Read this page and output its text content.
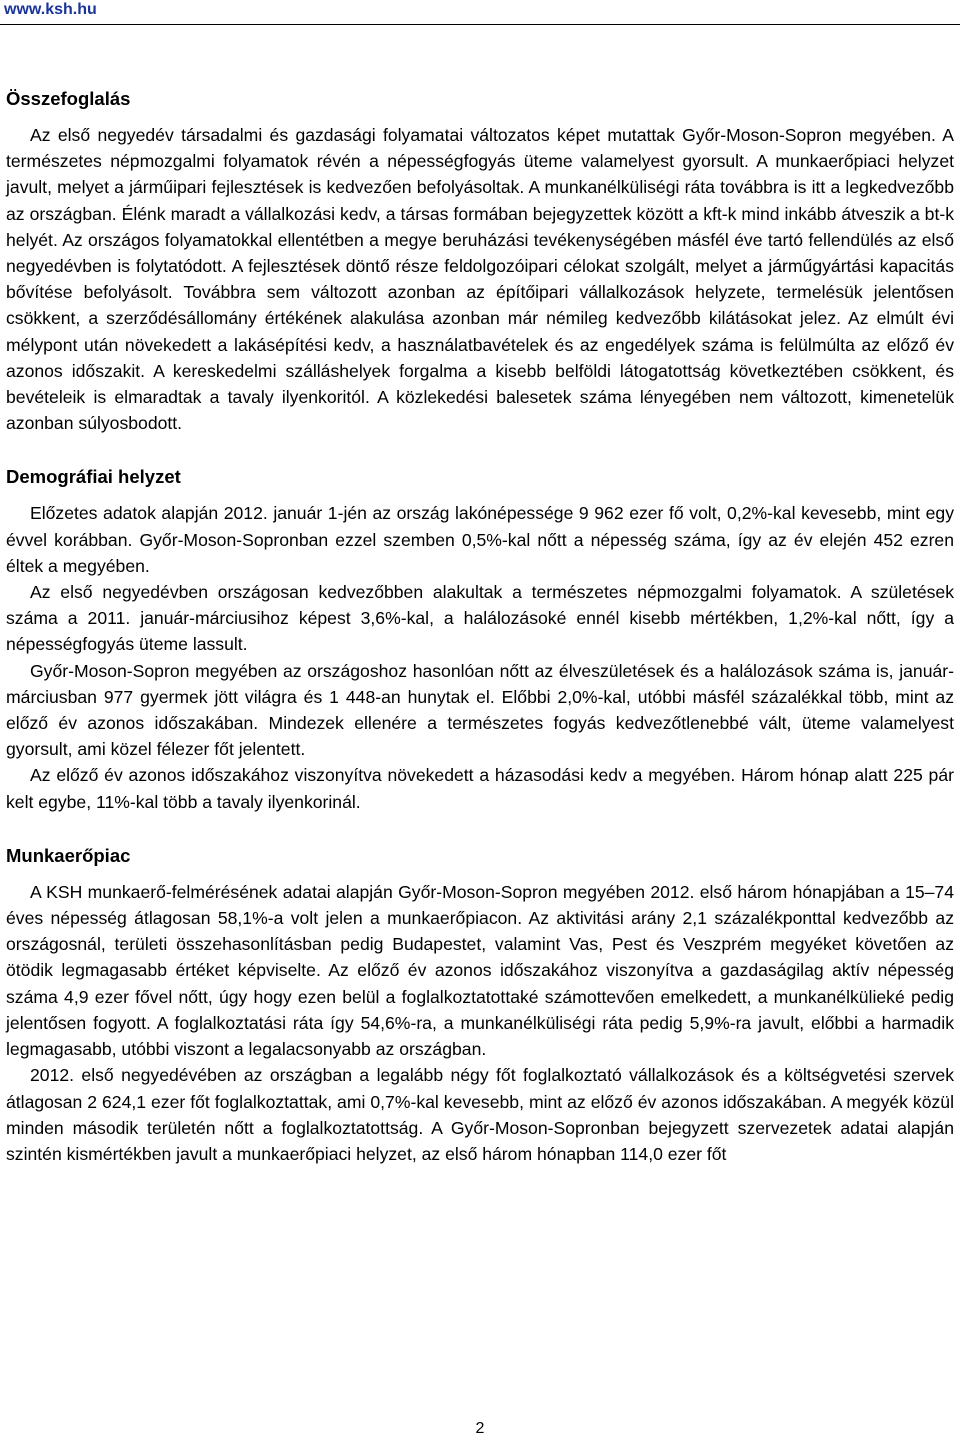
www.ksh.hu
Összefoglalás

Az első negyedév társadalmi és gazdasági folyamatai változatos képet mutattak Győr-Moson-Sopron megyében. A természetes népmozgalmi folyamatok révén a népességfogyás üteme valamelyest gyorsult. A munkaerőpiaci helyzet javult, melyet a járműipari fejlesztések is kedvezően befolyásoltak. A munkanélküliségi ráta továbbra is itt a legkedvezőbb az országban. Élénk maradt a vállalkozási kedv, a társas formában bejegyzettek között a kft-k mind inkább átveszik a bt-k helyét. Az országos folyamatokkal ellentétben a megye beruházási tevékenységében másfél éve tartó fellendülés az első negyedévben is folytatódott. A fejlesztések döntő része feldolgozóipari célokat szolgált, melyet a járműgyártási kapacitás bővítése befolyásolt. Továbbra sem változott azonban az építőipari vállalkozások helyzete, termelésük jelentősen csökkent, a szerződésállomány értékének alakulása azonban már némileg kedvezőbb kilátásokat jelez. Az elmúlt évi mélypont után növekedett a lakásépítési kedv, a használatbavételek és az engedélyek száma is felülmúlta az előző év azonos időszakit. A kereskedelmi szálláshelyek forgalma a kisebb belföldi látogatottság következtében csökkent, és bevételeik is elmaradtak a tavaly ilyenkoritól. A közlekedési balesetek száma lényegében nem változott, kimenetelük azonban súlyosbodott.

Demográfiai helyzet

Előzetes adatok alapján 2012. január 1-jén az ország lakónépessége 9 962 ezer fő volt, 0,2%-kal kevesebb, mint egy évvel korábban. Győr-Moson-Sopronban ezzel szemben 0,5%-kal nőtt a népesség száma, így az év elején 452 ezren éltek a megyében.

Az első negyedévben országosan kedvezőbben alakultak a természetes népmozgalmi folyamatok. A születések száma a 2011. január-márciusihoz képest 3,6%-kal, a halálozásoké ennél kisebb mértékben, 1,2%-kal nőtt, így a népességfogyás üteme lassult.

Győr-Moson-Sopron megyében az országoshoz hasonlóan nőtt az élveszületések és a halálozások száma is, január-márciusban 977 gyermek jött világra és 1 448-an hunytak el. Előbbi 2,0%-kal, utóbbi másfél százalékkal több, mint az előző év azonos időszakában. Mindezek ellenére a természetes fogyás kedvezőtlenebbé vált, üteme valamelyest gyorsult, ami közel félezer főt jelentett.

Az előző év azonos időszakához viszonyítva növekedett a házasodási kedv a megyében. Három hónap alatt 225 pár kelt egybe, 11%-kal több a tavaly ilyenkorinál.

Munkaerőpiac

A KSH munkaerő-felmérésének adatai alapján Győr-Moson-Sopron megyében 2012. első három hónapjában a 15–74 éves népesség átlagosan 58,1%-a volt jelen a munkaerőpiacon. Az aktivitási arány 2,1 százalékponttal kedvezőbb az országosnál, területi összehasonlításban pedig Budapestet, valamint Vas, Pest és Veszprém megyéket követően az ötödik legmagasabb értéket képviselte. Az előző év azonos időszakához viszonyítva a gazdaságilag aktív népesség száma 4,9 ezer fővel nőtt, úgy hogy ezen belül a foglalkoztatottaké számottevően emelkedett, a munkanélkülieké pedig jelentősen fogyott. A foglalkoztatási ráta így 54,6%-ra, a munkanélküliségi ráta pedig 5,9%-ra javult, előbbi a harmadik legmagasabb, utóbbi viszont a legalacsonyabb az országban.

2012. első negyedévében az országban a legalább négy főt foglalkoztató vállalkozások és a költségvetési szervek átlagosan 2 624,1 ezer főt foglalkoztattak, ami 0,7%-kal kevesebb, mint az előző év azonos időszakában. A megyék közül minden második területén nőtt a foglalkoztatottság. A Győr-Moson-Sopronban bejegyzett szervezetek adatai alapján szintén kismértékben javult a munkaerőpiaci helyzet, az első három hónapban 114,0 ezer főt

2
